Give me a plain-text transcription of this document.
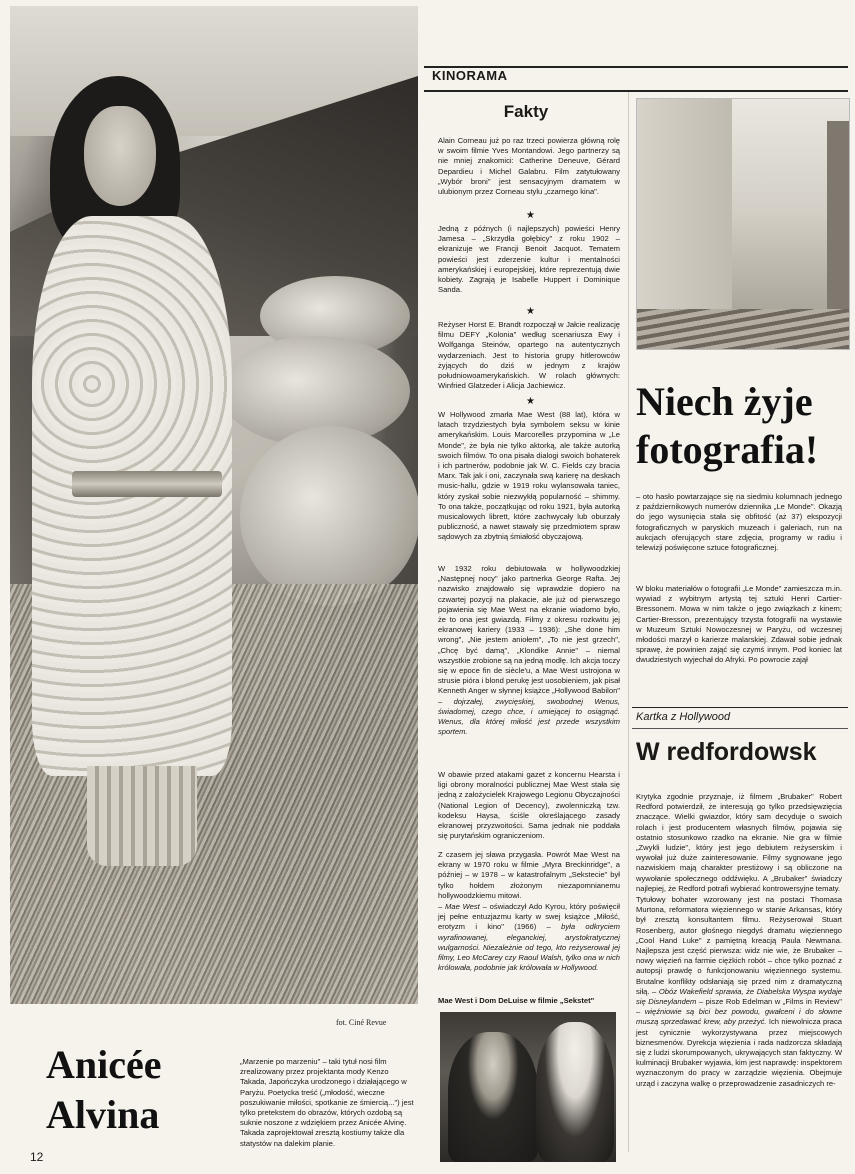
fot. Ciné Revue

Anicée
Alvina

„Marzenie po marzeniu" – taki tytuł nosi film zrealizowany przez projektanta mody Kenzo Takada, Japończyka urodzonego i działającego w Paryżu. Poetycka treść („młodość, wieczne poszukiwanie miłości, spotkanie ze śmiercią...") jest tylko pretekstem do obrazów, których ozdobą są suknie noszone z wdziękiem przez Anicée Alvinę. Takada zaprojektował zresztą kostiumy także dla statystów na dalekim planie.

12

KINORAMA
Fakty

Alain Corneau już po raz trzeci powierza główną rolę w swoim filmie Yves Montandowi. Jego partnerzy są nie mniej znakomici: Catherine Deneuve, Gérard Depardieu i Michel Galabru. Film zatytułowany „Wybór broni" jest sensacyjnym dramatem w ulubionym przez Corneau stylu „czarnego kina".

★

Jedną z późnych (i najlepszych) powieści Henry Jamesa – „Skrzydła gołębicy" z roku 1902 – ekranizuje we Francji Benoit Jacquot. Tematem powieści jest zderzenie kultur i mentalności amerykańskiej i europejskiej, które reprezentują dwie kobiety. Zagrają je Isabelle Huppert i Dominique Sanda.

★

Reżyser Horst E. Brandt rozpoczął w Jałcie realizację filmu DEFY „Kolonia" według scenariusza Ewy i Wolfganga Steinów, opartego na autentycznych wydarzeniach. Jest to historia grupy hitlerowców żyjących do dziś w jednym z krajów południowoamerykańskich. W rolach głównych: Winfried Glatzeder i Alicja Jachiewicz.

★

W Hollywood zmarła Mae West (88 lat), która w latach trzydziestych była symbolem seksu w kinie amerykańskim. Louis Marcorelles przypomina w „Le Monde", że była nie tylko aktorką, ale także autorką swoich filmów. To ona pisała dialogi swoich bohaterek i ich partnerów, podobnie jak W. C. Fields czy bracia Marx. Tak jak i oni, zaczynała swą karierę na deskach music-hallu, gdzie w 1919 roku wylansowała taniec, który zyskał sobie niezwykłą popularność – shimmy. To ona także, początkując od roku 1921, była autorką musicalowych librett, które zachwycały lub oburzały publiczność, a nawet stawały się przedmiotem spraw sądowych za zbytnią śmiałość obyczajową.

W 1932 roku debiutowała w hollywoodzkiej „Następnej nocy" jako partnerka George Rafta. Jej nazwisko znajdowało się wprawdzie dopiero na czwartej pozycji na plakacie, ale już od pierwszego pojawienia się Mae West na ekranie wiadomo było, że to ona jest gwiazdą. Filmy z okresu rozkwitu jej ekranowej kariery (1933 – 1936): „She done him wrong", „Nie jestem aniołem", „To nie jest grzech", „Chcę być damą", „Klondike Annie" – niemal wszystkie zrobione są na jedną modłę. Ich akcja toczy się w epoce fin de siècle'u, a Mae West ustrojona w strusie pióra i blond perukę jest uosobieniem, jak pisał Kenneth Anger w słynnej książce „Hollywood Babilon" – dojrzałej, zwycięskiej, swobodnej Wenus, świadomej, czego chce, i umiejącej to osiągnąć. Wenus, dla której miłość jest przede wszystkim sportem.

W obawie przed atakami gazet z koncernu Hearsta i ligi obrony moralności publicznej Mae West stała się jedną z założycielek Krajowego Legionu Obyczajności (National Legion of Decency), zwolenniczką tzw. kodeksu Haysa, ściśle określającego zasady ekranowej przyzwoitości. Sama jednak nie poddała się purytańskim ograniczeniom.

Z czasem jej sława przygasła. Powrót Mae West na ekrany w 1970 roku w filmie „Myra Breckinridge", a później – w 1978 – w katastrofalnym „Sekstecie" był tylko hołdem złożonym niezapomnianemu hollywoodzkiemu mitowi.

– Mae West – oświadczył Ado Kyrou, który poświęcił jej pełne entuzjazmu karty w swej książce „Miłość, erotyzm i kino" (1966) – była odkryciem wyrafinowanej, eleganckiej, arystokratycznej wulgarności. Niezależnie od tego, kto reżyserował jej filmy, Leo McCarey czy Raoul Walsh, tylko ona w nich królowała, podobnie jak królowała w Hollywood.

Mae West i Dom DeLuise w filmie „Sekstet"

Niech żyje
fotografia!

– oto hasło powtarzające się na siedmiu kolumnach jednego z październikowych numerów dziennika „Le Monde". Okazją do jego wysunięcia stała się obfitość (aż 37) ekspozycji fotograficznych w paryskich muzeach i galeriach, run na aukcjach oferujących stare zdjęcia, programy w radiu i telewizji poświęcone sztuce fotograficznej.

W bloku materiałów o fotografii „Le Monde" zamieszcza m.in. wywiad z wybitnym artystą tej sztuki Henri Cartier-Bressonem. Mowa w nim także o jego związkach z kinem; Cartier-Bresson, prezentujący trzysta fotografii na wystawie w Muzeum Sztuki Nowoczesnej w Paryżu, od wczesnej młodości marzył o karierze malarskiej. Zdawał sobie jednak sprawę, że powinien zająć się czymś innym. Pod koniec lat dwudziestych wyjechał do Afryki. Po powrocie zajął

Kartka z Hollywood

W redfordowsk

Krytyka zgodnie przyznaje, iż filmem „Brubaker" Robert Redford potwierdził, że interesują go tylko przedsięwzięcia znaczące. Wielki gwiazdor, który sam decyduje o swoich rolach i jest producentem własnych filmów, pojawia się ostatnio stosunkowo rzadko na ekranie. Nie gra w filmie „Zwykli ludzie", który jest jego debiutem reżyserskim i wywołał już duże zainteresowanie. Filmy sygnowane jego nazwiskiem mają charakter prestiżowy i są obliczone na wywołanie społecznego oddźwięku. A „Brubaker" świadczy najlepiej, że Redford potrafi wybierać kontrowersyjne tematy.

Tytułowy bohater wzorowany jest na postaci Thomasa Murtona, reformatora więziennego w stanie Arkansas, który był zresztą konsultantem filmu. Reżyserował Stuart Rosenberg, autor głośnego niegdyś dramatu więziennego „Cool Hand Luke" z pamiętną kreacją Paula Newmana. Najlepsza jest część pierwsza: widz nie wie, że Brubaker – nowy więzień na farmie ciężkich robót – chce tylko poznać z autopsji prawdę o funkcjonowaniu więziennego systemu. Brutalne konflikty odsłaniają się przed nim z dramatyczną siłą. – Obóz Wakefield sprawia, że Diabelska Wyspa wydaje się Disneylandem – pisze Rob Edelman w „Films in Review" – więźniowie są bici bez powodu, gwałceni i do słowne muszą sprzedawać krew, aby przeżyć. Ich niewolnicza praca jest cynicznie wykorzystywana przez miejscowych biznesmenów. Dyrekcja więzienia i rada nadzorcza składają się z ludzi skorumpowanych, ukrywających stan faktyczny. W kulminacji Brubaker wyjawia, kim jest naprawdę: inspektorem wyznaczonym do pracy w zarządzie więzienia. Obejmuje urząd i zaczyna walkę o przeprowadzenie zasadniczych re-
